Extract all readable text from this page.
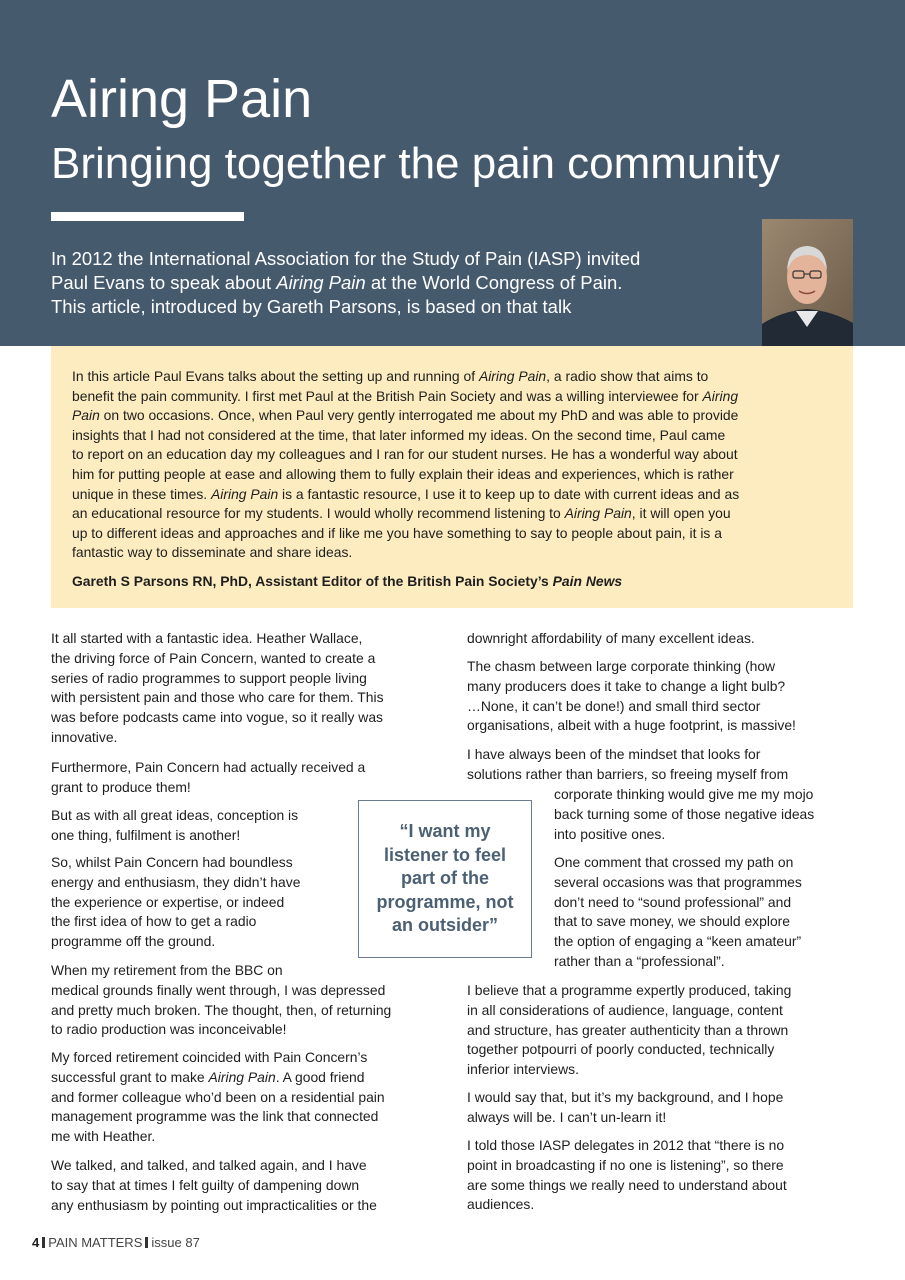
Airing Pain
Bringing together the pain community

In 2012 the International Association for the Study of Pain (IASP) invited
Paul Evans to speak about Airing Pain at the World Congress of Pain.
This article, introduced by Gareth Parsons, is based on that talk

In this article Paul Evans talks about the setting up and running of Airing Pain, a radio show that aims to
benefit the pain community. I first met Paul at the British Pain Society and was a willing interviewee for Airing
Pain on two occasions. Once, when Paul very gently interrogated me about my PhD and was able to provide
insights that I had not considered at the time, that later informed my ideas. On the second time, Paul came
to report on an education day my colleagues and I ran for our student nurses. He has a wonderful way about
him for putting people at ease and allowing them to fully explain their ideas and experiences, which is rather
unique in these times. Airing Pain is a fantastic resource, I use it to keep up to date with current ideas and as
an educational resource for my students. I would wholly recommend listening to Airing Pain, it will open you
up to different ideas and approaches and if like me you have something to say to people about pain, it is a
fantastic way to disseminate and share ideas.

Gareth S Parsons RN, PhD, Assistant Editor of the British Pain Society’s Pain News

It all started with a fantastic idea. Heather Wallace,
the driving force of Pain Concern, wanted to create a
series of radio programmes to support people living
with persistent pain and those who care for them. This
was before podcasts came into vogue, so it really was
innovative.

Furthermore, Pain Concern had actually received a
grant to produce them!

But as with all great ideas, conception is
one thing, fulfilment is another!

So, whilst Pain Concern had boundless
energy and enthusiasm, they didn’t have
the experience or expertise, or indeed
the first idea of how to get a radio
programme off the ground.

When my retirement from the BBC on
medical grounds finally went through, I was depressed
and pretty much broken. The thought, then, of returning
to radio production was inconceivable!

My forced retirement coincided with Pain Concern’s
successful grant to make Airing Pain. A good friend
and former colleague who’d been on a residential pain
management programme was the link that connected
me with Heather.

We talked, and talked, and talked again, and I have
to say that at times I felt guilty of dampening down
any enthusiasm by pointing out impracticalities or the

“I want my
listener to feel
part of the
programme, not
an outsider”

downright affordability of many excellent ideas.

The chasm between large corporate thinking (how
many producers does it take to change a light bulb?
…None, it can’t be done!) and small third sector
organisations, albeit with a huge footprint, is massive!

I have always been of the mindset that looks for
solutions rather than barriers, so freeing myself from

corporate thinking would give me my mojo
back turning some of those negative ideas
into positive ones.

One comment that crossed my path on
several occasions was that programmes
don’t need to “sound professional” and
that to save money, we should explore
the option of engaging a “keen amateur”
rather than a “professional”.

I believe that a programme expertly produced, taking
in all considerations of audience, language, content
and structure, has greater authenticity than a thrown
together potpourri of poorly conducted, technically
inferior interviews.

I would say that, but it’s my background, and I hope
always will be. I can’t un-learn it!

I told those IASP delegates in 2012 that “there is no
point in broadcasting if no one is listening”, so there
are some things we really need to understand about
audiences.

4 PAIN MATTERS issue 87
